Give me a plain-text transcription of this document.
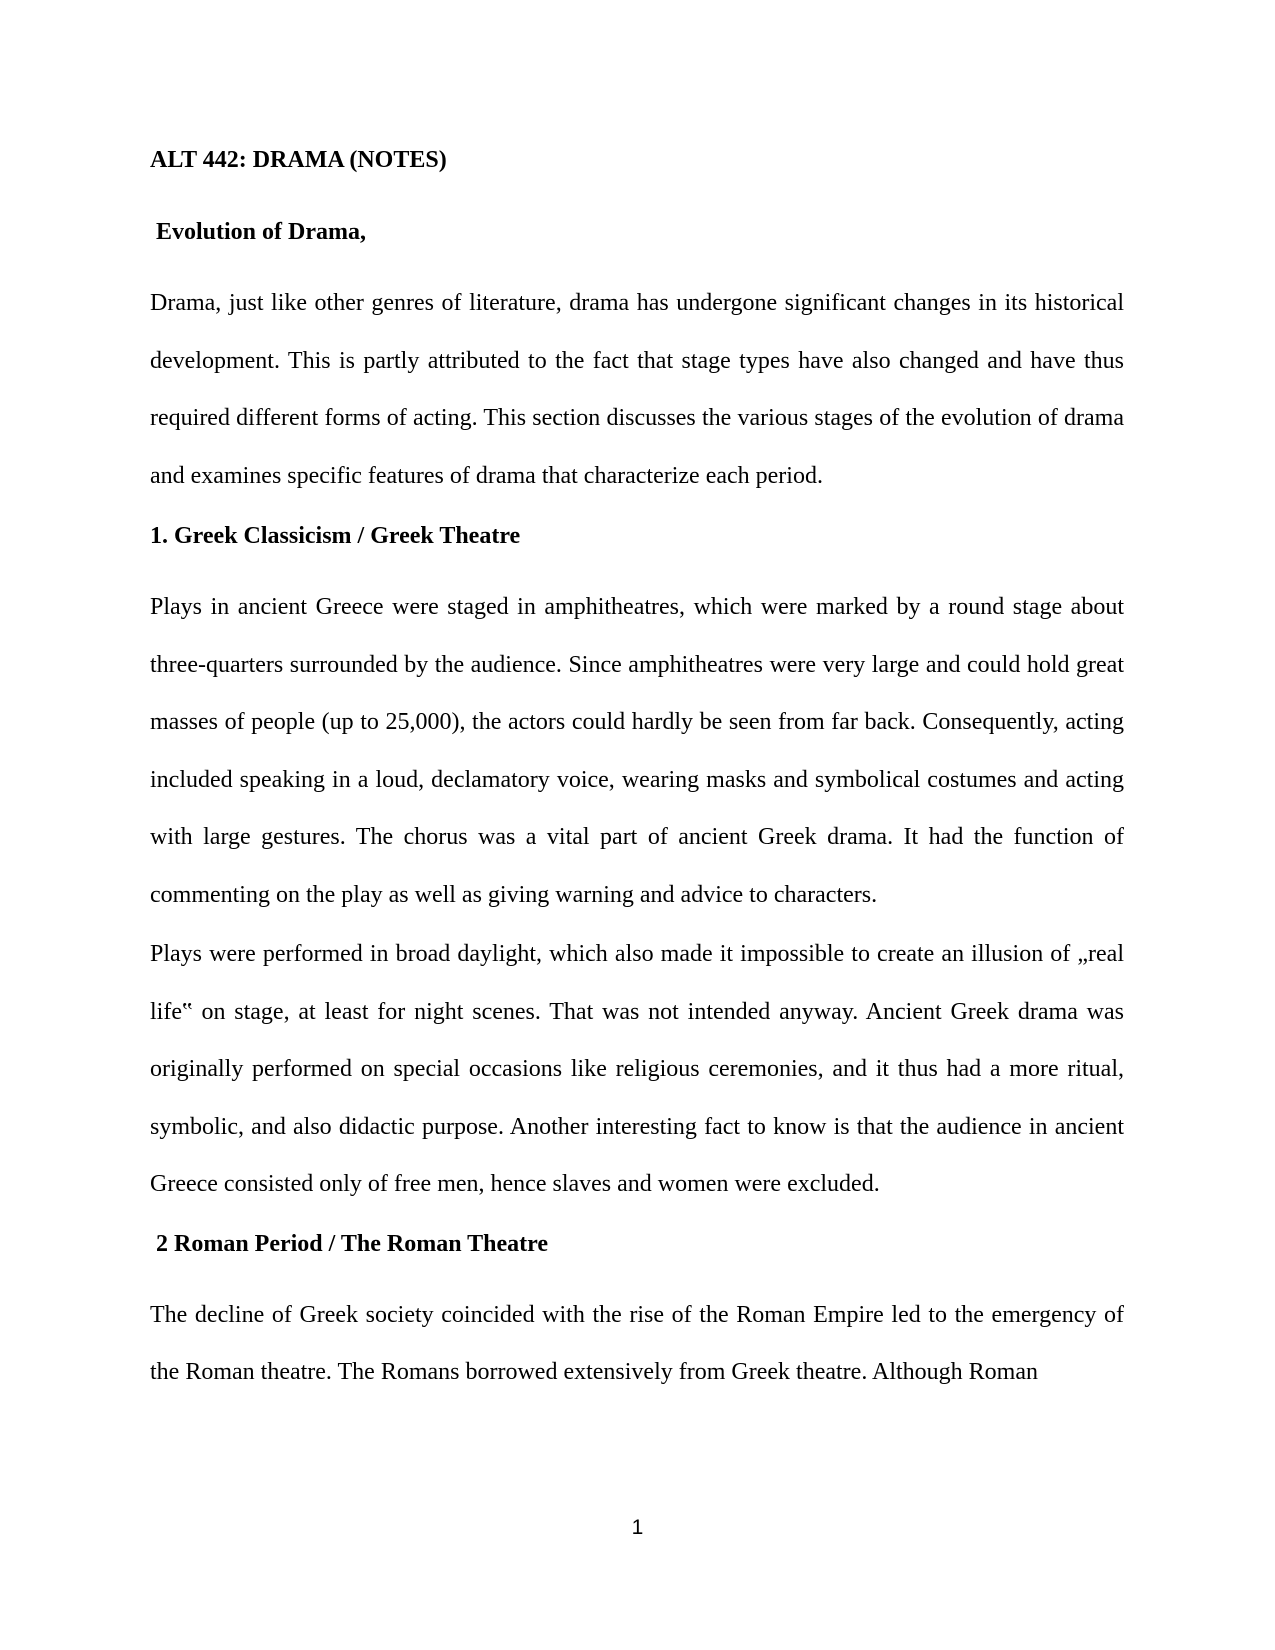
ALT 442: DRAMA (NOTES)

Evolution of Drama,

Drama, just like other genres of literature, drama has undergone significant changes in its historical development. This is partly attributed to the fact that stage types have also changed and have thus required different forms of acting. This section discusses the various stages of the evolution of drama and examines specific features of drama that characterize each period.

1. Greek Classicism / Greek Theatre

Plays in ancient Greece were staged in amphitheatres, which were marked by a round stage about three-quarters surrounded by the audience. Since amphitheatres were very large and could hold great masses of people (up to 25,000), the actors could hardly be seen from far back. Consequently, acting included speaking in a loud, declamatory voice, wearing masks and symbolical costumes and acting with large gestures. The chorus was a vital part of ancient Greek drama. It had the function of commenting on the play as well as giving warning and advice to characters.

Plays were performed in broad daylight, which also made it impossible to create an illusion of „real life‟ on stage, at least for night scenes. That was not intended anyway. Ancient Greek drama was originally performed on special occasions like religious ceremonies, and it thus had a more ritual, symbolic, and also didactic purpose. Another interesting fact to know is that the audience in ancient Greece consisted only of free men, hence slaves and women were excluded.

2 Roman Period / The Roman Theatre

The decline of Greek society coincided with the rise of the Roman Empire led to the emergency of the Roman theatre. The Romans borrowed extensively from Greek theatre. Although Roman

1
